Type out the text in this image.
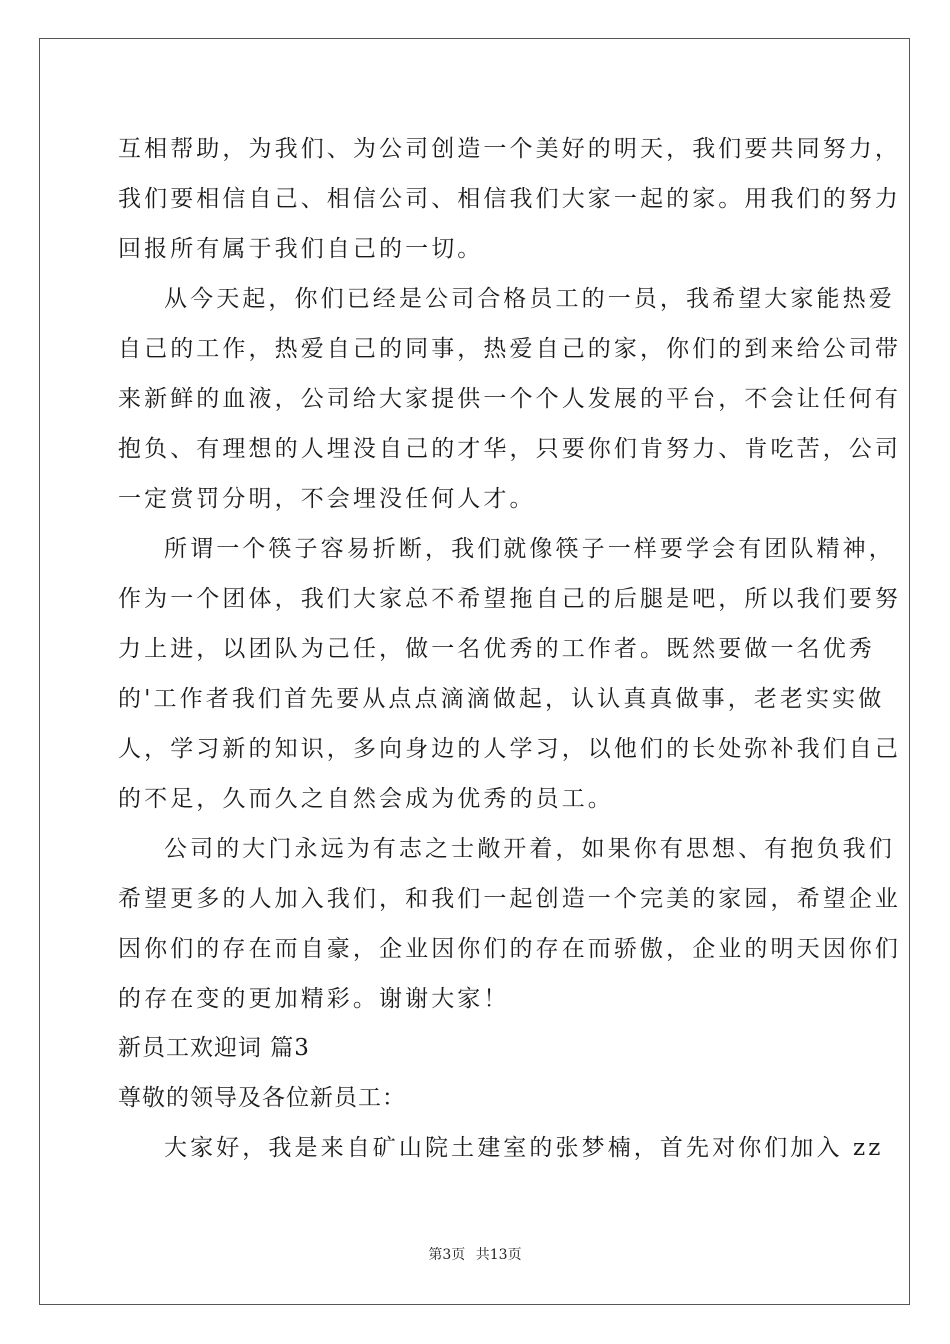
互相帮助，为我们、为公司创造一个美好的明天，我们要共同努力，
我们要相信自己、相信公司、相信我们大家一起的家。用我们的努力
回报所有属于我们自己的一切。
从今天起，你们已经是公司合格员工的一员，我希望大家能热爱
自己的工作，热爱自己的同事，热爱自己的家，你们的到来给公司带
来新鲜的血液，公司给大家提供一个个人发展的平台，不会让任何有
抱负、有理想的人埋没自己的才华，只要你们肯努力、肯吃苦，公司
一定赏罚分明，不会埋没任何人才。
所谓一个筷子容易折断，我们就像筷子一样要学会有团队精神，
作为一个团体，我们大家总不希望拖自己的后腿是吧，所以我们要努
力上进，以团队为己任，做一名优秀的工作者。既然要做一名优秀
的'工作者我们首先要从点点滴滴做起，认认真真做事，老老实实做
人，学习新的知识，多向身边的人学习，以他们的长处弥补我们自己
的不足，久而久之自然会成为优秀的员工。
公司的大门永远为有志之士敞开着，如果你有思想、有抱负我们
希望更多的人加入我们，和我们一起创造一个完美的家园，希望企业
因你们的存在而自豪，企业因你们的存在而骄傲，企业的明天因你们
的存在变的更加精彩。谢谢大家！
新员工欢迎词 篇3
尊敬的领导及各位新员工：
大家好，我是来自矿山院土建室的张梦楠，首先对你们加入 zz
第3页 共13页
